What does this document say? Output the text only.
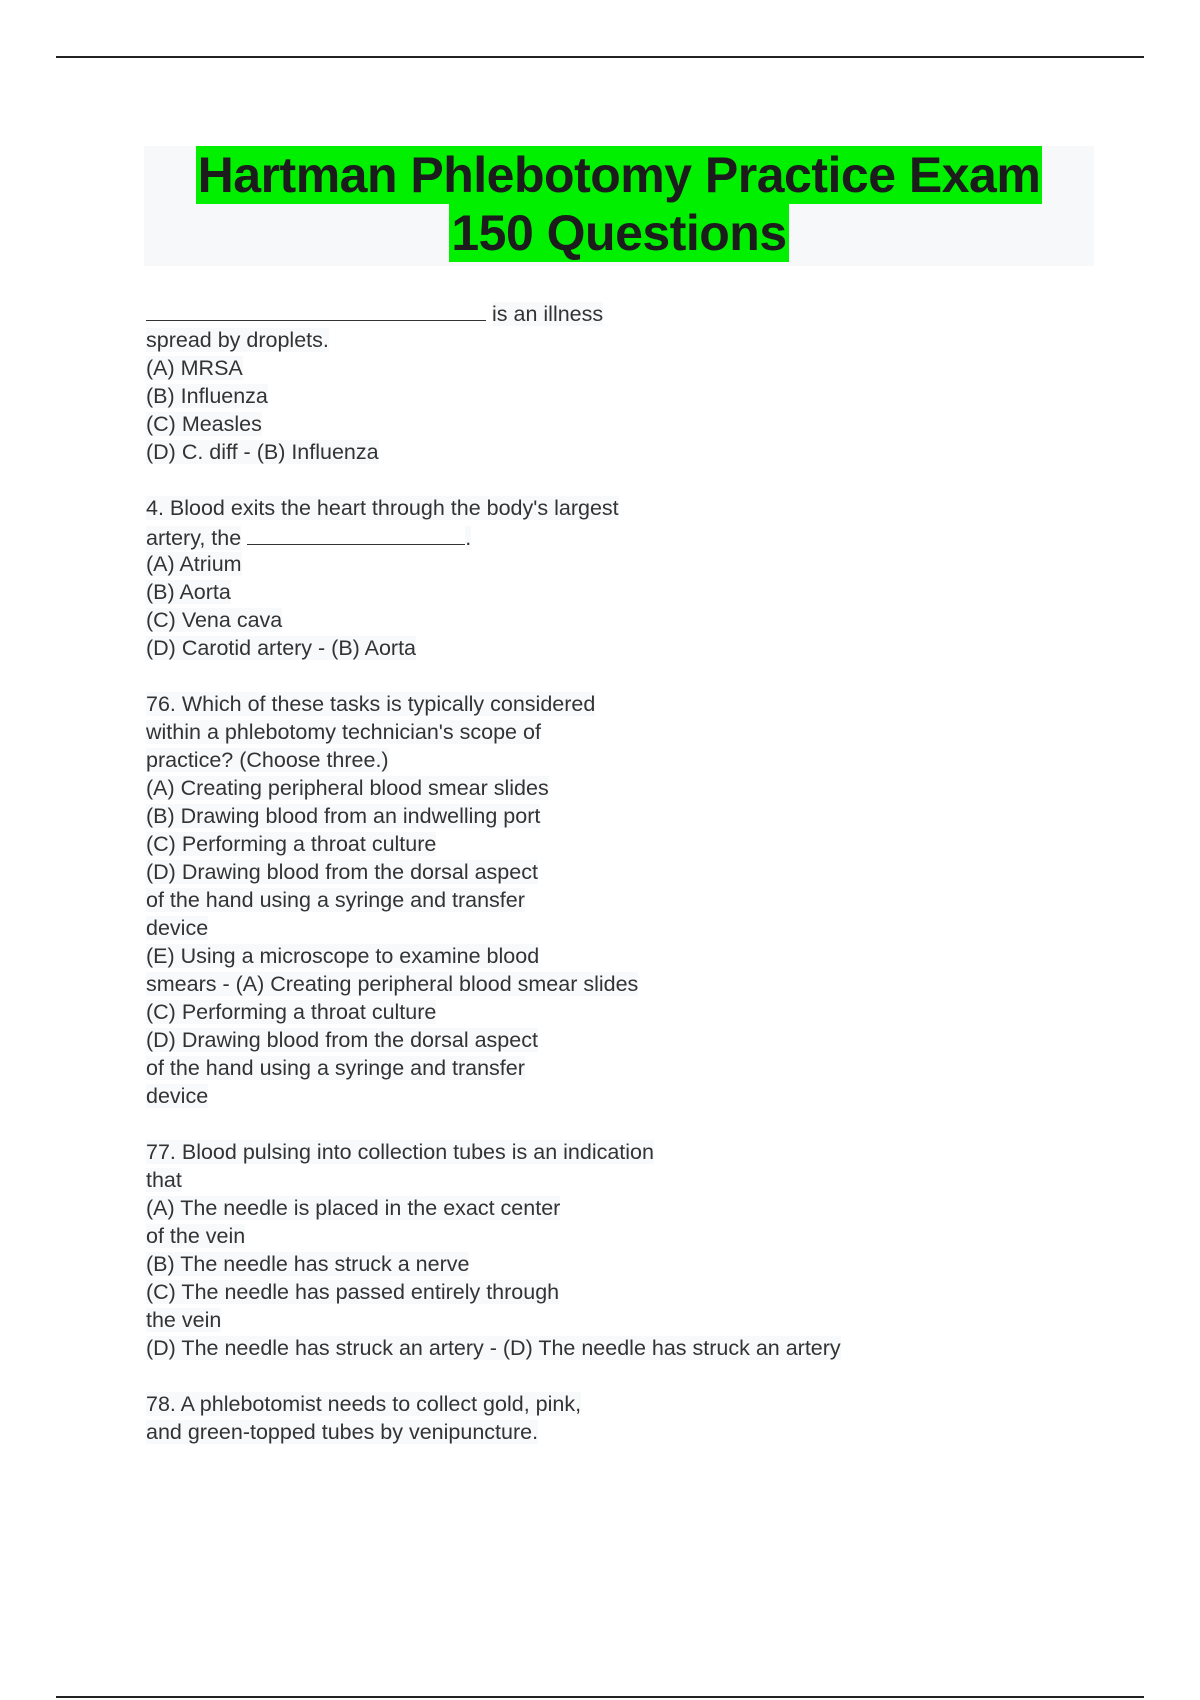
Hartman Phlebotomy Practice Exam
150 Questions
is an illness
spread by droplets.
(A) MRSA
(B) Influenza
(C) Measles
(D) C. diff - (B) Influenza
4. Blood exits the heart through the body's largest
artery, the	.
(A) Atrium
(B) Aorta
(C) Vena cava
(D) Carotid artery - (B) Aorta
76. Which of these tasks is typically considered
within a phlebotomy technician's scope of
practice? (Choose three.)
(A) Creating peripheral blood smear slides
(B) Drawing blood from an indwelling port
(C) Performing a throat culture
(D) Drawing blood from the dorsal aspect
of the hand using a syringe and transfer
device
(E) Using a microscope to examine blood
smears - (A) Creating peripheral blood smear slides
(C) Performing a throat culture
(D) Drawing blood from the dorsal aspect
of the hand using a syringe and transfer
device
77. Blood pulsing into collection tubes is an indication
that
(A) The needle is placed in the exact center
of the vein
(B) The needle has struck a nerve
(C) The needle has passed entirely through
the vein
(D) The needle has struck an artery - (D) The needle has struck an artery
78. A phlebotomist needs to collect gold, pink,
and green-topped tubes by venipuncture.
